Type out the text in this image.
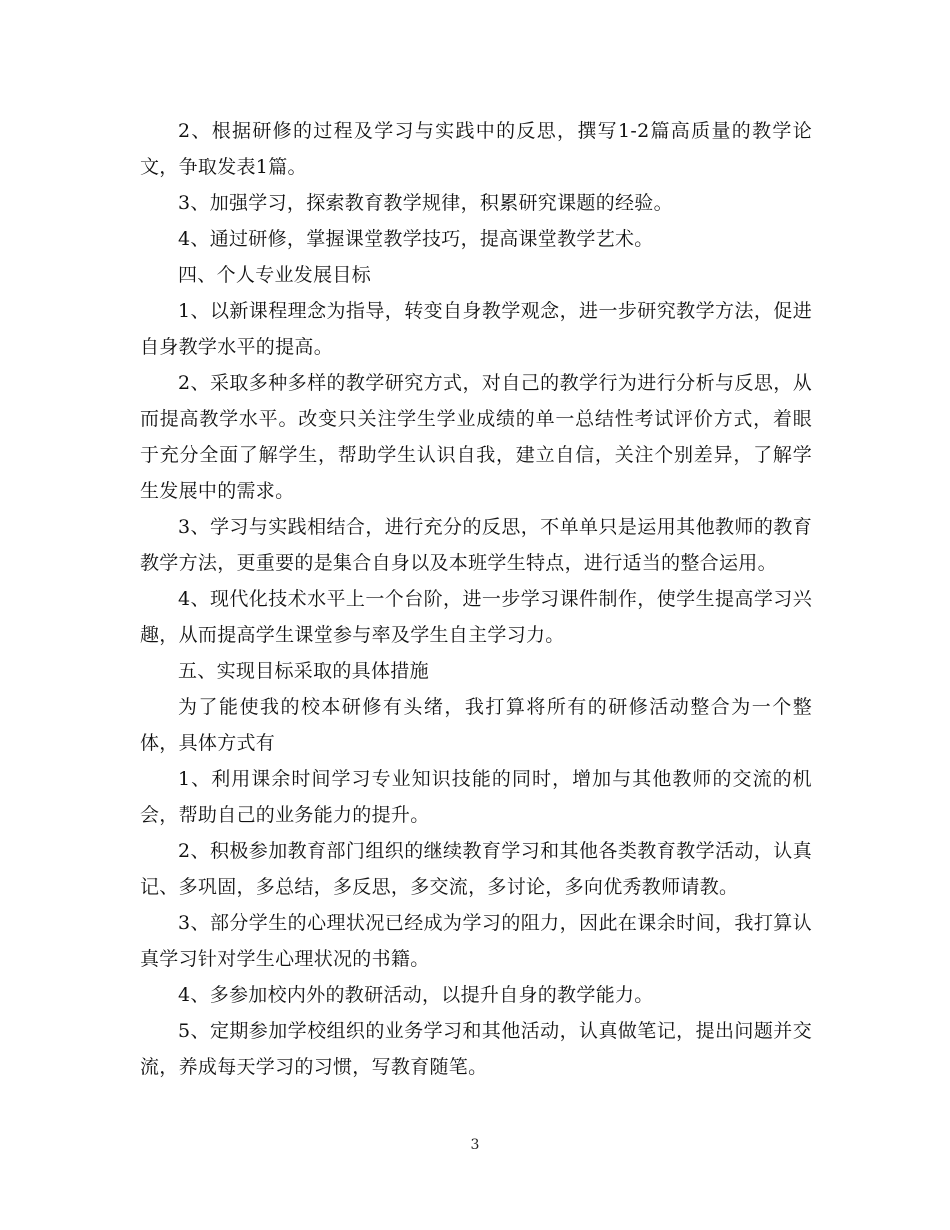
2、根据研修的过程及学习与实践中的反思，撰写1-2篇高质量的教学论文，争取发表1篇。

3、加强学习，探索教育教学规律，积累研究课题的经验。

4、通过研修，掌握课堂教学技巧，提高课堂教学艺术。

四、个人专业发展目标

1、以新课程理念为指导，转变自身教学观念，进一步研究教学方法，促进自身教学水平的提高。

2、采取多种多样的教学研究方式，对自己的教学行为进行分析与反思，从而提高教学水平。改变只关注学生学业成绩的单一总结性考试评价方式，着眼于充分全面了解学生，帮助学生认识自我，建立自信，关注个别差异，了解学生发展中的需求。

3、学习与实践相结合，进行充分的反思，不单单只是运用其他教师的教育教学方法，更重要的是集合自身以及本班学生特点，进行适当的整合运用。

4、现代化技术水平上一个台阶，进一步学习课件制作，使学生提高学习兴趣，从而提高学生课堂参与率及学生自主学习力。

五、实现目标采取的具体措施

为了能使我的校本研修有头绪，我打算将所有的研修活动整合为一个整体，具体方式有

1、利用课余时间学习专业知识技能的同时，增加与其他教师的交流的机会，帮助自己的业务能力的提升。

2、积极参加教育部门组织的继续教育学习和其他各类教育教学活动，认真记、多巩固，多总结，多反思，多交流，多讨论，多向优秀教师请教。

3、部分学生的心理状况已经成为学习的阻力，因此在课余时间，我打算认真学习针对学生心理状况的书籍。

4、多参加校内外的教研活动，以提升自身的教学能力。

5、定期参加学校组织的业务学习和其他活动，认真做笔记，提出问题并交流，养成每天学习的习惯，写教育随笔。

3
